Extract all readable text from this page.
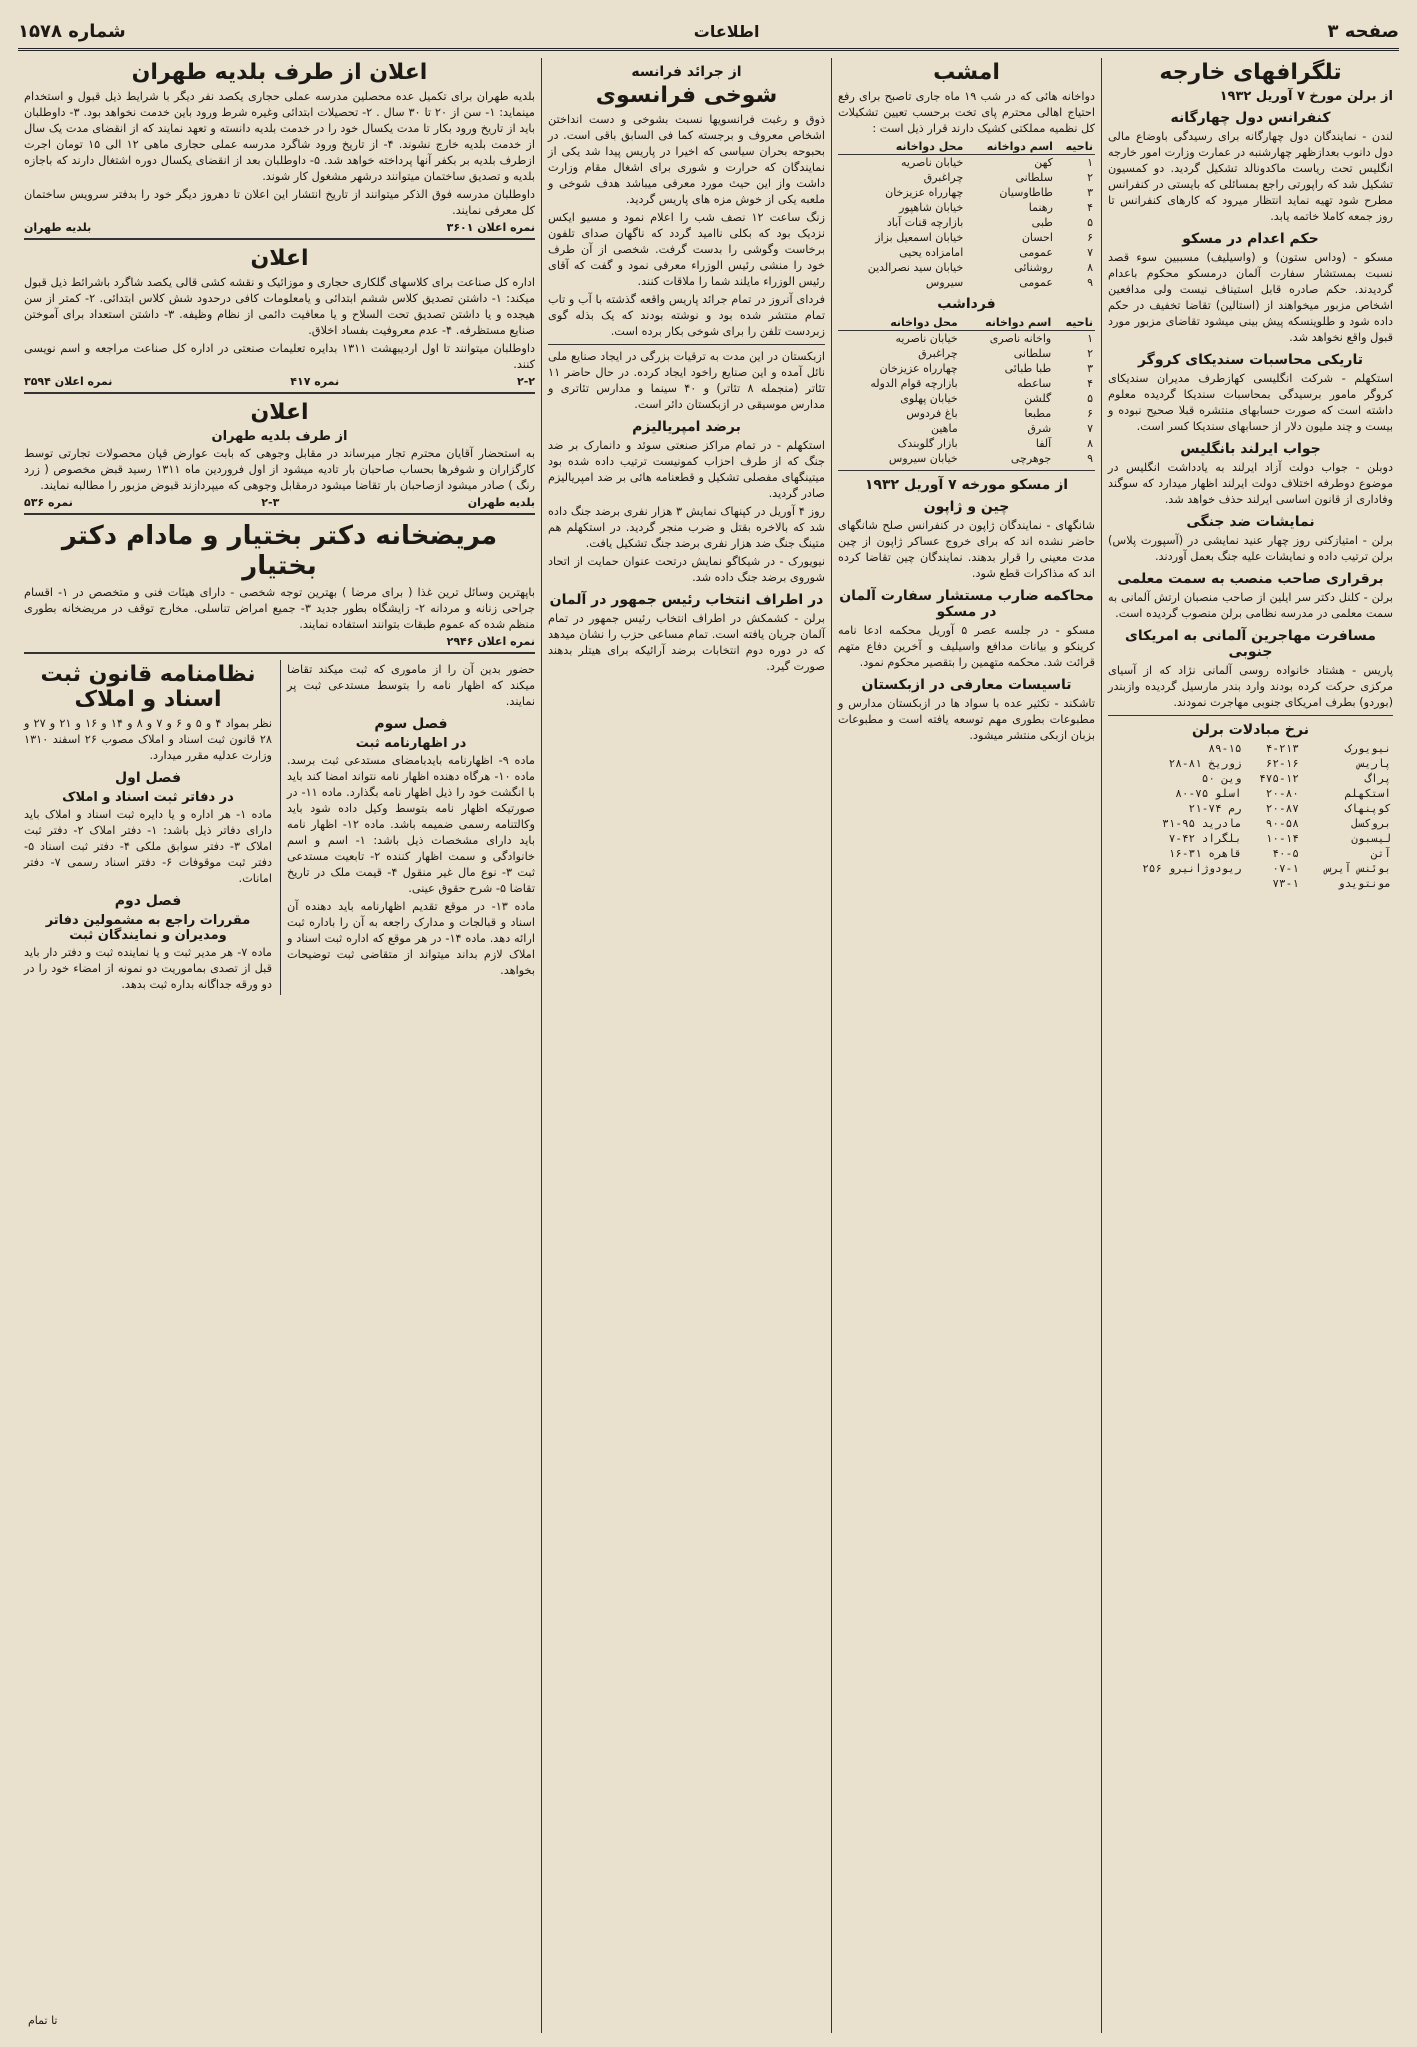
صفحه ۳
اطلاعات
شماره ۱۵۷۸
تلگرافهای خارجه
از برلن مورخ ۷ آوریل ۱۹۳۲
کنفرانس دول چهارگانه

لندن - نمایندگان دول چهارگانه برای رسیدگی باوضاع مالی دول دانوب بعدازظهر چهارشنبه در عمارت وزارت امور خارجه انگلیس تحت ریاست ماکدونالد تشکیل گردید. دو کمسیون تشکیل شد که راپورتی راجع بمسائلی که بایستی در کنفرانس مطرح شود تهیه نماید انتظار میرود که کارهای کنفرانس تا روز جمعه کاملا خاتمه یابد.

حکم اعدام در مسکو

مسکو - (وداس ستون) و (واسیلیف) مسببین سوء قصد نسبت بمستشار سفارت آلمان درمسکو محکوم باعدام گردیدند. حکم صادره قابل استیناف نیست ولی مدافعین اشخاص مزبور میخواهند از (استالین) تقاضا تخفیف در حکم داده شود و طلوینسکه پیش بینی میشود تقاضای مزبور مورد قبول واقع نخواهد شد.

تاریکی محاسبات سندیکای کروگر

استکهلم - شرکت انگلیسی کهازطرف مدیران سندیکای کروگر مامور برسیدگی بمحاسبات سندیکا گردیده معلوم داشته است که صورت حسابهای منتشره قبلا صحیح نبوده و بیست و چند ملیون دلار از حسابهای سندیکا کسر است.

جواب ایرلند بانگلیس

دوبلن - جواب دولت آزاد ایرلند به یادداشت انگلیس در موضوع دوطرفه اختلاف دولت ایرلند اظهار میدارد که سوگند وفاداری از قانون اساسی ایرلند حذف خواهد شد.

نمایشات ضد جنگی

برلن - امتیازکنی روز چهار عنید نمایشی در (آسپورت پلاس) برلن ترتیب داده و نمایشات علیه جنگ بعمل آوردند.

برقراری صاحب منصب به سمت معلمی

برلن - کلنل دکتر سر ایلین از صاحب منصبان ارتش آلمانی به سمت معلمی در مدرسه نظامی برلن منصوب گردیده است.

مسافرت مهاجرین آلمانی به امریکای جنوبی

پاریس - هشتاد خانواده روسی آلمانی نژاد که از آسیای مرکزی حرکت کرده بودند وارد بندر مارسیل گردیده وازبندر (بوردو) بطرف امریکای جنوبی مهاجرت نمودند.

نرخ مبادلات برلن
نیویورک	۴-۲۱۳	۸۹-۱۵
پاریس	۶۲-۱۶	زوریخ ۸۱-۲۸
پراگ	۴۷۵-۱۲	وین ۵۰
استکهلم	۲۰-۸۰	اسلو ۷۵-۸۰
کوپنهاک	۲۰-۸۷	رم ۷۴-۲۱
بروکسل	۹۰-۵۸	مادرید ۹۵-۳۱
لیسبون	۱۰-۱۴	بلگراد ۴۲-۷
آتن	۴۰-۵	قاهره ۳۱-۱۶
بوئنس آیرس	۰۷-۱	ریودوژانیرو ۲۵۶
مونتویدو	۷۳-۱	
امشب

دواخانه هائی که در شب ۱۹ ماه جاری تاصبح برای رفع احتیاج اهالی محترم پای تخت برحسب تعیین تشکیلات کل نظمیه مملکتی کشیک دارند قرار ذیل است :

ناحیه	اسم دواخانه	محل دواخانه
۱	کهن	خیابان ناصریه
۲	سلطانی	چراغبرق
۳	طاطاوسیان	چهارراه عزیزخان
۴	رهنما	خیابان شاهپور
۵	طبی	بازارچه قنات آباد
۶	احسان	خیابان اسمعیل بزاز
۷	عمومی	امامزاده یحیی
۸	روشنائی	خیابان سید نصرالدین
۹	عمومی	سیروس
فرداشب
ناحیه	اسم دواخانه	محل دواخانه
۱	واخانه ناصری	خیابان ناصریه
۲	سلطانی	چراغبرق
۳	طبا طبائی	چهارراه عزیزخان
۴	ساعطه	بازارچه قوام الدوله
۵	گلشن	خیابان پهلوی
۶	مطبعا	باغ فردوس
۷	شرق	ماهین
۸	آلفا	بازار گلوبندک
۹	جوهرچی	خیابان سیروس
از مسکو مورخه ۷ آوریل ۱۹۳۲
چین و ژاپون

شانگهای - نمایندگان ژاپون در کنفرانس صلح شانگهای حاضر نشده اند که برای خروج عساکر ژاپون از چین مدت معینی را قرار بدهند. نمایندگان چین تقاضا کرده اند که مذاکرات قطع شود.

محاکمه ضارب مستشار سفارت آلمان در مسکو

مسکو - در جلسه عصر ۵ آوریل محکمه ادعا نامه کرینکو و بیانات مدافع واسیلیف و آخرین دفاع متهم قرائت شد. محکمه متهمین را بتقصیر محکوم نمود.

تاسیسات معارفی در ازبکستان

تاشکند - تکثیر عده با سواد ها در ازبکستان مدارس و مطبوعات بطوری مهم توسعه یافته است و مطبوعات بزبان ازبکی منتشر میشود.

از جرائد فرانسه
شوخی فرانسوی

ذوق و رغبت فرانسویها نسبت بشوخی و دست انداختن اشخاص معروف و برجسته کما فی السابق باقی است. در بحبوحه بحران سیاسی که اخیرا در پاریس پیدا شد یکی از نمایندگان که حرارت و شوری برای اشغال مقام وزارت داشت واز این حیث مورد معرفی میباشد هدف شوخی و ملعبه یکی از خوش مزه های پاریس گردید.

زنگ ساعت ۱۲ نصف شب را اعلام نمود و مسیو ایکس نزدیک بود که بکلی ناامید گردد که ناگهان صدای تلفون برخاست وگوشی را بدست گرفت. شخصی از آن طرف خود را منشی رئیس الوزراء معرفی نمود و گفت که آقای رئیس الوزراء مایلند شما را ملاقات کنند.

فردای آنروز در تمام جرائد پاریس واقعه گذشته با آب و تاب تمام منتشر شده بود و نوشته بودند که یک بذله گوی زبردست تلفن را برای شوخی بکار برده است.

ازبکستان در این مدت به ترقیات بزرگی در ایجاد صنایع ملی نائل آمده و این صنایع راخود ایجاد کرده. در حال حاضر ۱۱ تئاتر (منجمله ۸ تئاتر) و ۴۰ سینما و مدارس تئاتری و مدارس موسیقی در ازبکستان دائر است.

برضد امپریالیزم

استکهلم - در تمام مراکز صنعتی سوئد و دانمارک بر ضد جنگ که از طرف احزاب کمونیست ترتیب داده شده بود میتینگهای مفصلی تشکیل و قطعنامه هائی بر ضد امپریالیزم صادر گردید.

روز ۴ آوریل در کپنهاک نمایش ۳ هزار نفری برضد جنگ داده شد که بالاخره بقتل و ضرب منجر گردید. در استکهلم هم متینگ جنگ ضد هزار نفری برضد جنگ تشکیل یافت.

نیویورک - در شیکاگو نمایش درتحت عنوان حمایت از اتحاد شوروی برضد جنگ داده شد.

در اطراف انتخاب رئیس جمهور در آلمان

برلن - کشمکش در اطراف انتخاب رئیس جمهور در تمام آلمان جریان یافته است. تمام مساعی حزب را نشان میدهد که در دوره دوم انتخابات برضد آرائیکه برای هیتلر بدهند صورت گیرد.

اعلان از طرف بلدیه طهران

بلدیه طهران برای تکمیل عده محصلین مدرسه عملی حجاری یکصد نفر دیگر با شرایط ذیل قبول و استخدام مینماید: ۱- سن از ۲۰ تا ۳۰ سال . ۲- تحصیلات ابتدائی وغیره شرط ورود باین خدمت نخواهد بود. ۳- داوطلبان باید از تاریخ ورود بکار تا مدت یکسال خود را در خدمت بلدیه دانسته و تعهد نمایند که از انقضای مدت یک سال از خدمت بلدیه خارج نشوند. ۴- از تاریخ ورود شاگرد مدرسه عملی حجاری ماهی ۱۲ الی ۱۵ تومان اجرت ازطرف بلدیه بر بکفر آنها پرداخته خواهد شد. ۵- داوطلبان بعد از انقضای یکسال دوره اشتغال دارند که باجازه بلدیه و تصدیق ساختمان میتوانند درشهر مشغول کار شوند.

داوطلبان مدرسه فوق الذکر میتوانند از تاریخ انتشار این اعلان تا دهروز دیگر خود را بدفتر سرویس ساختمان کل معرفی نمایند.

نمره اعلان ۳۶۰۱
بلدیه طهران
اعلان

اداره کل صناعت برای کلاسهای گلکاری حجاری و موزائیک و نقشه کشی قالی یکصد شاگرد باشرائط ذیل قبول میکند: ۱- داشتن تصدیق کلاس ششم ابتدائی و یامعلومات کافی درحدود شش کلاس ابتدائی. ۲- کمتر از سن هیجده و یا داشتن تصدیق تحت السلاح و یا معافیت دائمی از نظام وظیفه. ۳- داشتن استعداد برای آموختن صنایع مستظرفه. ۴- عدم معروفیت بفساد اخلاق.

داوطلبان میتوانند تا اول اردیبهشت ۱۳۱۱ بدایره تعلیمات صنعتی در اداره کل صناعت مراجعه و اسم نویسی کنند.

۲-۲
نمره ۴۱۷
نمره اعلان ۳۵۹۴
اعلان
از طرف بلدیه طهران

به استحضار آقایان محترم تجار میرساند در مقابل وجوهی که بابت عوارض قپان محصولات تجارتی توسط کارگزاران و شوفرها بحساب صاحبان بار تادیه میشود از اول فروردین ماه ۱۳۱۱ رسید قبض مخصوص ( زرد رنگ ) صادر میشود ازصاحبان بار تقاضا میشود درمقابل وجوهی که میپردازند قبوض مزبور را مطالبه نمایند.

بلدیه طهران
۲-۳
نمره ۵۳۶
مریضخانه دکتر بختیار و مادام دکتر بختیار

باپهترین وسائل ترین غذا ( برای مرضا ) بهترین توجه شخصی - دارای هیئات فنی و متخصص در ۱- اقسام جراحی زنانه و مردانه ۲- زایشگاه بطور جدید ۳- جمیع امراض تناسلی. مخارج توقف در مریضخانه بطوری منظم شده که عموم طبقات بتوانند استفاده نمایند.

نمره اعلان ۲۹۴۶
نظامنامه قانون ثبت اسناد و املاک

نظر بمواد ۴ و ۵ و ۶ و ۷ و ۸ و ۱۴ و ۱۶ و ۲۱ و ۲۷ و ۲۸ قانون ثبت اسناد و املاک مصوب ۲۶ اسفند ۱۳۱۰ وزارت عدلیه مقرر میدارد.

فصل اول
در دفاتر ثبت اسناد و املاک

ماده ۱- هر اداره و یا دایره ثبت اسناد و املاک باید دارای دفاتر ذیل باشد: ۱- دفتر املاک ۲- دفتر ثبت املاک ۳- دفتر سوابق ملکی ۴- دفتر ثبت اسناد ۵- دفتر ثبت موقوفات ۶- دفتر اسناد رسمی ۷- دفتر امانات.

فصل دوم
مقررات راجع به مشمولین دفاتر ومدیران و نمایندگان ثبت

ماده ۷- هر مدیر ثبت و یا نماینده ثبت و دفتر دار باید قبل از تصدی بماموریت دو نمونه از امضاء خود را در دو ورقه جداگانه بداره ثبت بدهد.

حضور بدین آن را از ماموری که ثبت میکند تقاضا میکند که اظهار نامه را بتوسط مستدعی ثبت پر نمایند.

فصل سوم
در اظهارنامه ثبت

ماده ۹- اظهارنامه بایدبامضای مستدعی ثبت برسد. ماده ۱۰- هرگاه دهنده اظهار نامه نتواند امضا کند باید با انگشت خود را ذیل اظهار نامه بگذارد. ماده ۱۱- در صورتیکه اظهار نامه بتوسط وکیل داده شود باید وکالتنامه رسمی ضمیمه باشد. ماده ۱۲- اظهار نامه باید دارای مشخصات ذیل باشد: ۱- اسم و اسم خانوادگی و سمت اظهار کننده ۲- تابعیت مستدعی ثبت ۳- نوع مال غیر منقول ۴- قیمت ملک در تاریخ تقاضا ۵- شرح حقوق عینی.

ماده ۱۳- در موقع تقدیم اظهارنامه باید دهنده آن اسناد و قبالجات و مدارک راجعه به آن را باداره ثبت ارائه دهد. ماده ۱۴- در هر موقع که اداره ثبت اسناد و املاک لازم بداند میتواند از متقاضی ثبت توضیحات بخواهد.

تا تمام
